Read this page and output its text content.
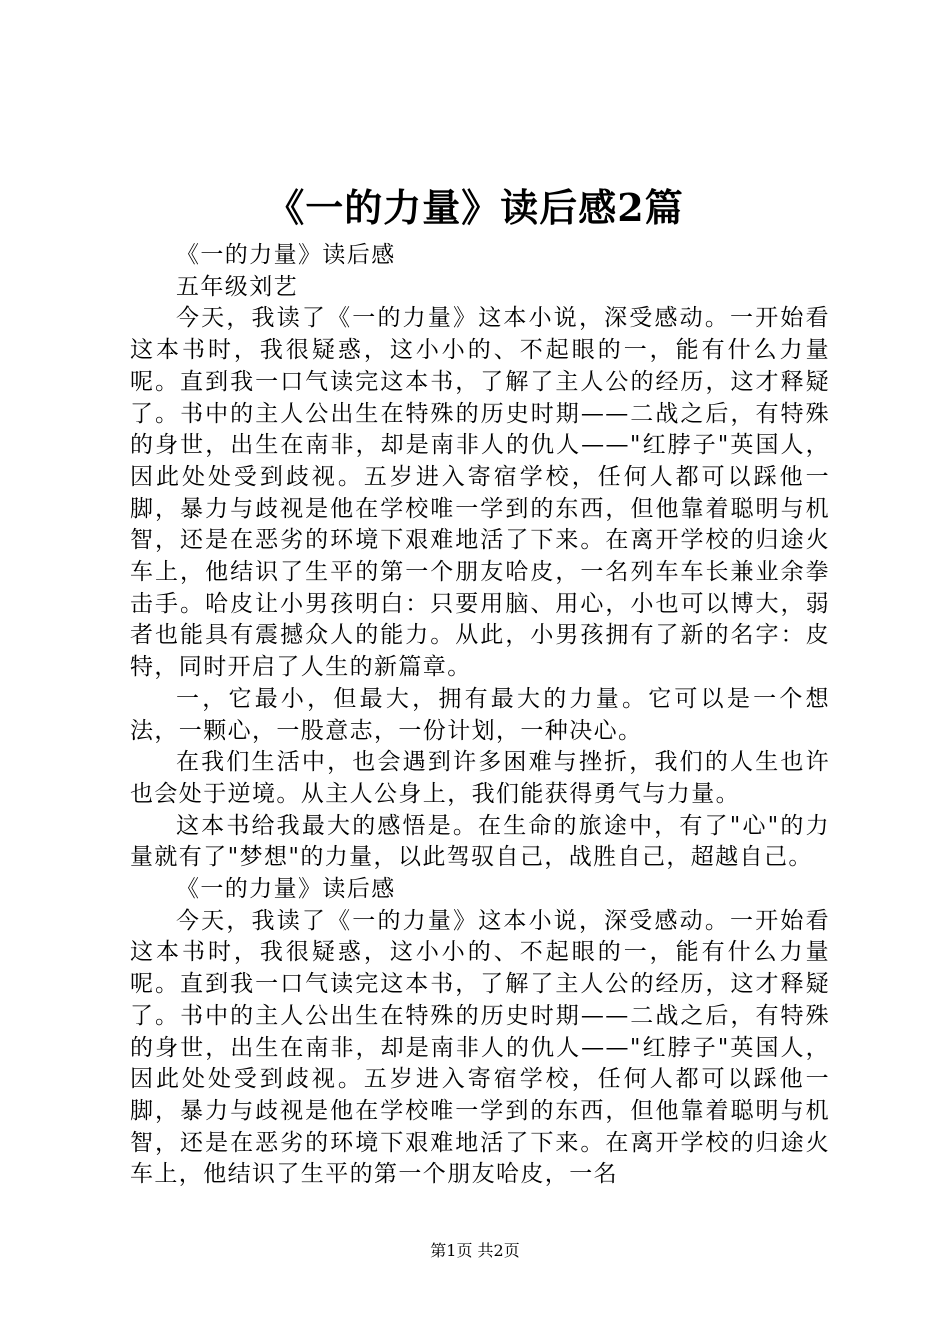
《一的力量》读后感2篇

《一的力量》读后感

五年级刘艺

今天，我读了《一的力量》这本小说，深受感动。一开始看这本书时，我很疑惑，这小小的、不起眼的一，能有什么力量呢。直到我一口气读完这本书，了解了主人公的经历，这才释疑了。书中的主人公出生在特殊的历史时期——二战之后，有特殊的身世，出生在南非，却是南非人的仇人——"红脖子"英国人，因此处处受到歧视。五岁进入寄宿学校，任何人都可以踩他一脚，暴力与歧视是他在学校唯一学到的东西，但他靠着聪明与机智，还是在恶劣的环境下艰难地活了下来。在离开学校的归途火车上，他结识了生平的第一个朋友哈皮，一名列车车长兼业余拳击手。哈皮让小男孩明白：只要用脑、用心，小也可以博大，弱者也能具有震撼众人的能力。从此，小男孩拥有了新的名字：皮特，同时开启了人生的新篇章。

一，它最小，但最大，拥有最大的力量。它可以是一个想法，一颗心，一股意志，一份计划，一种决心。

在我们生活中，也会遇到许多困难与挫折，我们的人生也许也会处于逆境。从主人公身上，我们能获得勇气与力量。

这本书给我最大的感悟是。在生命的旅途中，有了"心"的力量就有了"梦想"的力量，以此驾驭自己，战胜自己，超越自己。

《一的力量》读后感

今天，我读了《一的力量》这本小说，深受感动。一开始看这本书时，我很疑惑，这小小的、不起眼的一，能有什么力量呢。直到我一口气读完这本书，了解了主人公的经历，这才释疑了。书中的主人公出生在特殊的历史时期——二战之后，有特殊的身世，出生在南非，却是南非人的仇人——"红脖子"英国人，因此处处受到歧视。五岁进入寄宿学校，任何人都可以踩他一脚，暴力与歧视是他在学校唯一学到的东西，但他靠着聪明与机智，还是在恶劣的环境下艰难地活了下来。在离开学校的归途火车上，他结识了生平的第一个朋友哈皮，一名

第1页 共2页
